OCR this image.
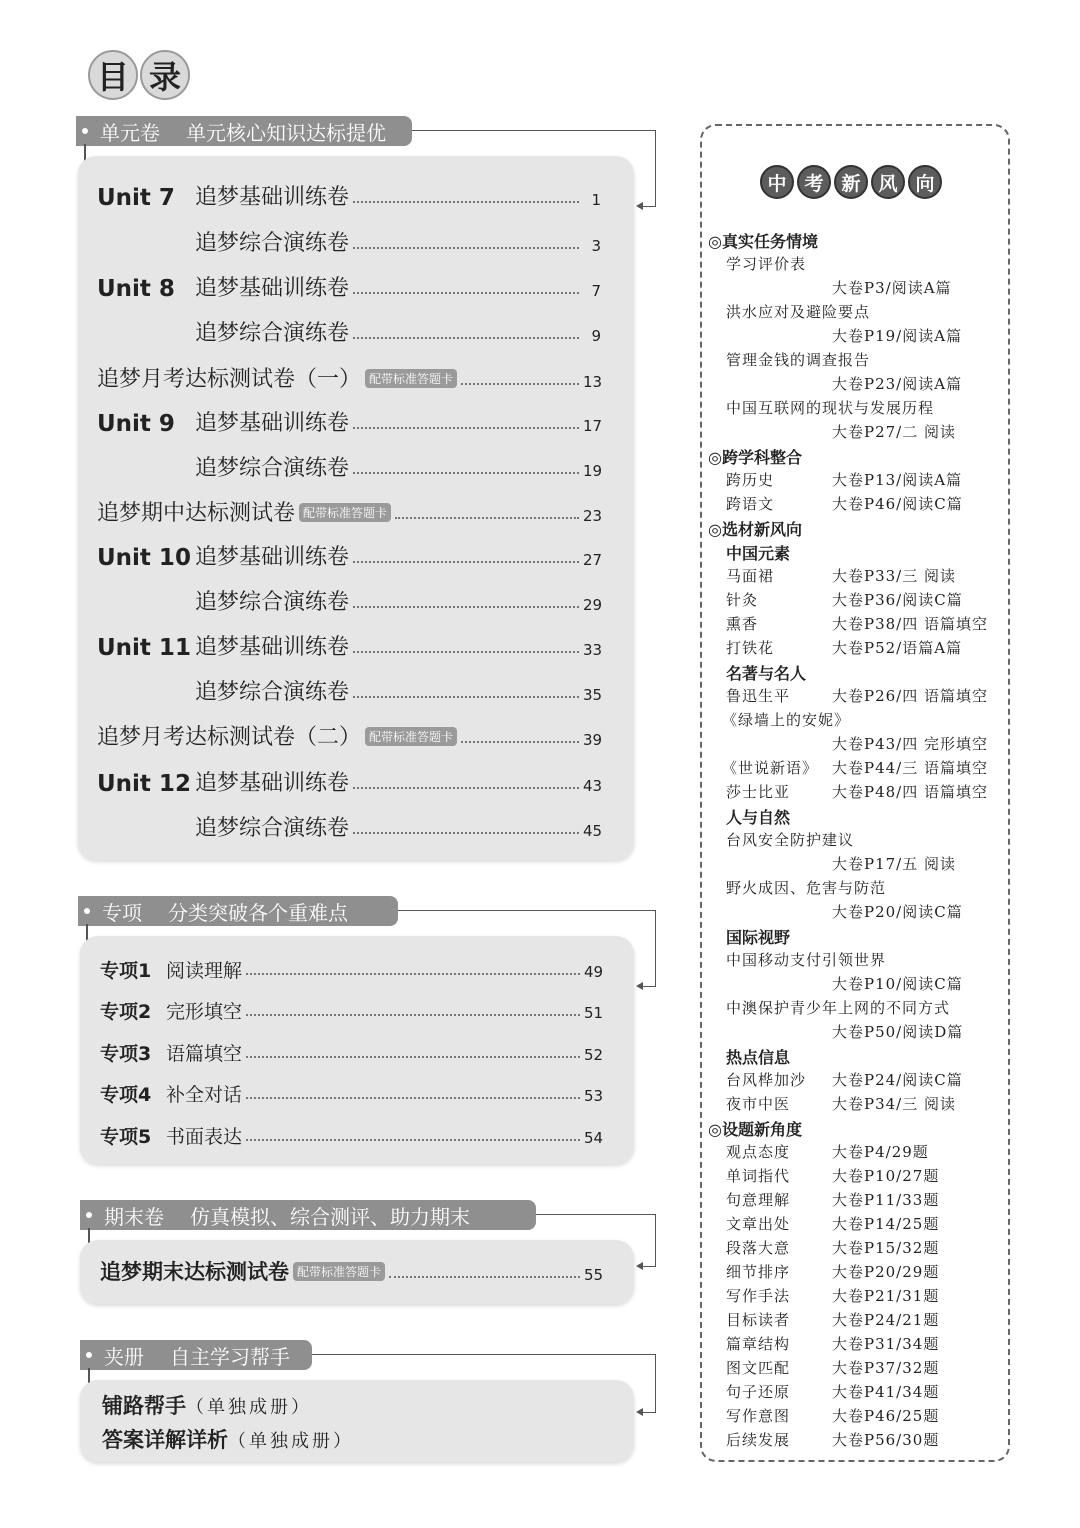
目 录
单元卷 单元核心知识达标提优
Unit 7 追梦基础训练卷	1
追梦综合演练卷	3
Unit 8 追梦基础训练卷	7
追梦综合演练卷	9
追梦月考达标测试卷（一） 配带标准答题卡	13
Unit 9 追梦基础训练卷	17
追梦综合演练卷	19
追梦期中达标测试卷 配带标准答题卡	23
Unit 10 追梦基础训练卷	27
追梦综合演练卷	29
Unit 11 追梦基础训练卷	33
追梦综合演练卷	35
追梦月考达标测试卷（二） 配带标准答题卡	39
Unit 12 追梦基础训练卷	43
追梦综合演练卷	45
专项 分类突破各个重难点
专项1 阅读理解	49
专项2 完形填空	51
专项3 语篇填空	52
专项4 补全对话	53
专项5 书面表达	54
期末卷 仿真模拟、综合测评、助力期末
追梦期末达标测试卷 配带标准答题卡	55
夹册 自主学习帮手
铺路帮手（单独成册）
答案详解详析（单独成册）
中 考 新 风 向
◎真实任务情境
学习评价表
大卷P3/阅读A篇
洪水应对及避险要点
大卷P19/阅读A篇
管理金钱的调查报告
大卷P23/阅读A篇
中国互联网的现状与发展历程
大卷P27/二 阅读
◎跨学科整合
跨历史	大卷P13/阅读A篇
跨语文	大卷P46/阅读C篇
◎选材新风向
中国元素
马面裙	大卷P33/三 阅读
针灸	大卷P36/阅读C篇
熏香	大卷P38/四 语篇填空
打铁花	大卷P52/语篇A篇
名著与名人
鲁迅生平	大卷P26/四 语篇填空
《绿墙上的安妮》
大卷P43/四 完形填空
《世说新语》 大卷P44/三 语篇填空
莎士比亚	大卷P48/四 语篇填空
人与自然
台风安全防护建议
大卷P17/五 阅读
野火成因、危害与防范
大卷P20/阅读C篇
国际视野
中国移动支付引领世界
大卷P10/阅读C篇
中澳保护青少年上网的不同方式
大卷P50/阅读D篇
热点信息
台风桦加沙 大卷P24/阅读C篇
夜市中医	大卷P34/三 阅读
◎设题新角度
观点态度	大卷P4/29题
单词指代	大卷P10/27题
句意理解	大卷P11/33题
文章出处	大卷P14/25题
段落大意	大卷P15/32题
细节排序	大卷P20/29题
写作手法	大卷P21/31题
目标读者	大卷P24/21题
篇章结构	大卷P31/34题
图文匹配	大卷P37/32题
句子还原	大卷P41/34题
写作意图	大卷P46/25题
后续发展	大卷P56/30题
